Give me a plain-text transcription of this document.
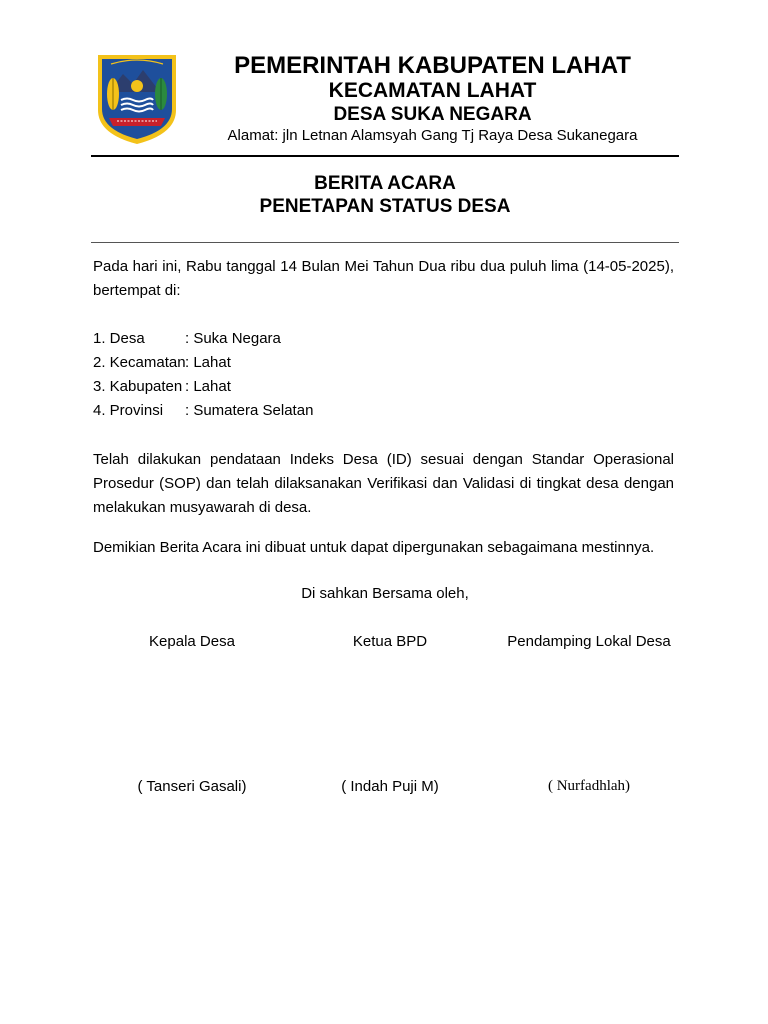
PEMERINTAH KABUPATEN LAHAT
KECAMATAN LAHAT
DESA SUKA NEGARA
Alamat: jln Letnan Alamsyah Gang Tj Raya Desa Sukanegara
BERITA ACARA
PENETAPAN STATUS DESA
Pada hari ini, Rabu tanggal 14 Bulan Mei Tahun Dua ribu dua puluh lima (14-05-2025), bertempat di:
1. Desa	: Suka Negara
2. Kecamatan : Lahat
3. Kabupaten : Lahat
4. Provinsi : Sumatera Selatan
Telah dilakukan pendataan Indeks Desa (ID) sesuai dengan Standar Operasional Prosedur (SOP) dan telah dilaksanakan Verifikasi dan Validasi di tingkat desa dengan melakukan musyawarah di desa.
Demikian Berita Acara ini dibuat untuk dapat dipergunakan sebagaimana mestinnya.
Di sahkan Bersama oleh,
Kepala Desa	Ketua BPD	Pendamping Lokal Desa
( Tanseri Gasali)	( Indah Puji M)	( Nurfadhlah)
